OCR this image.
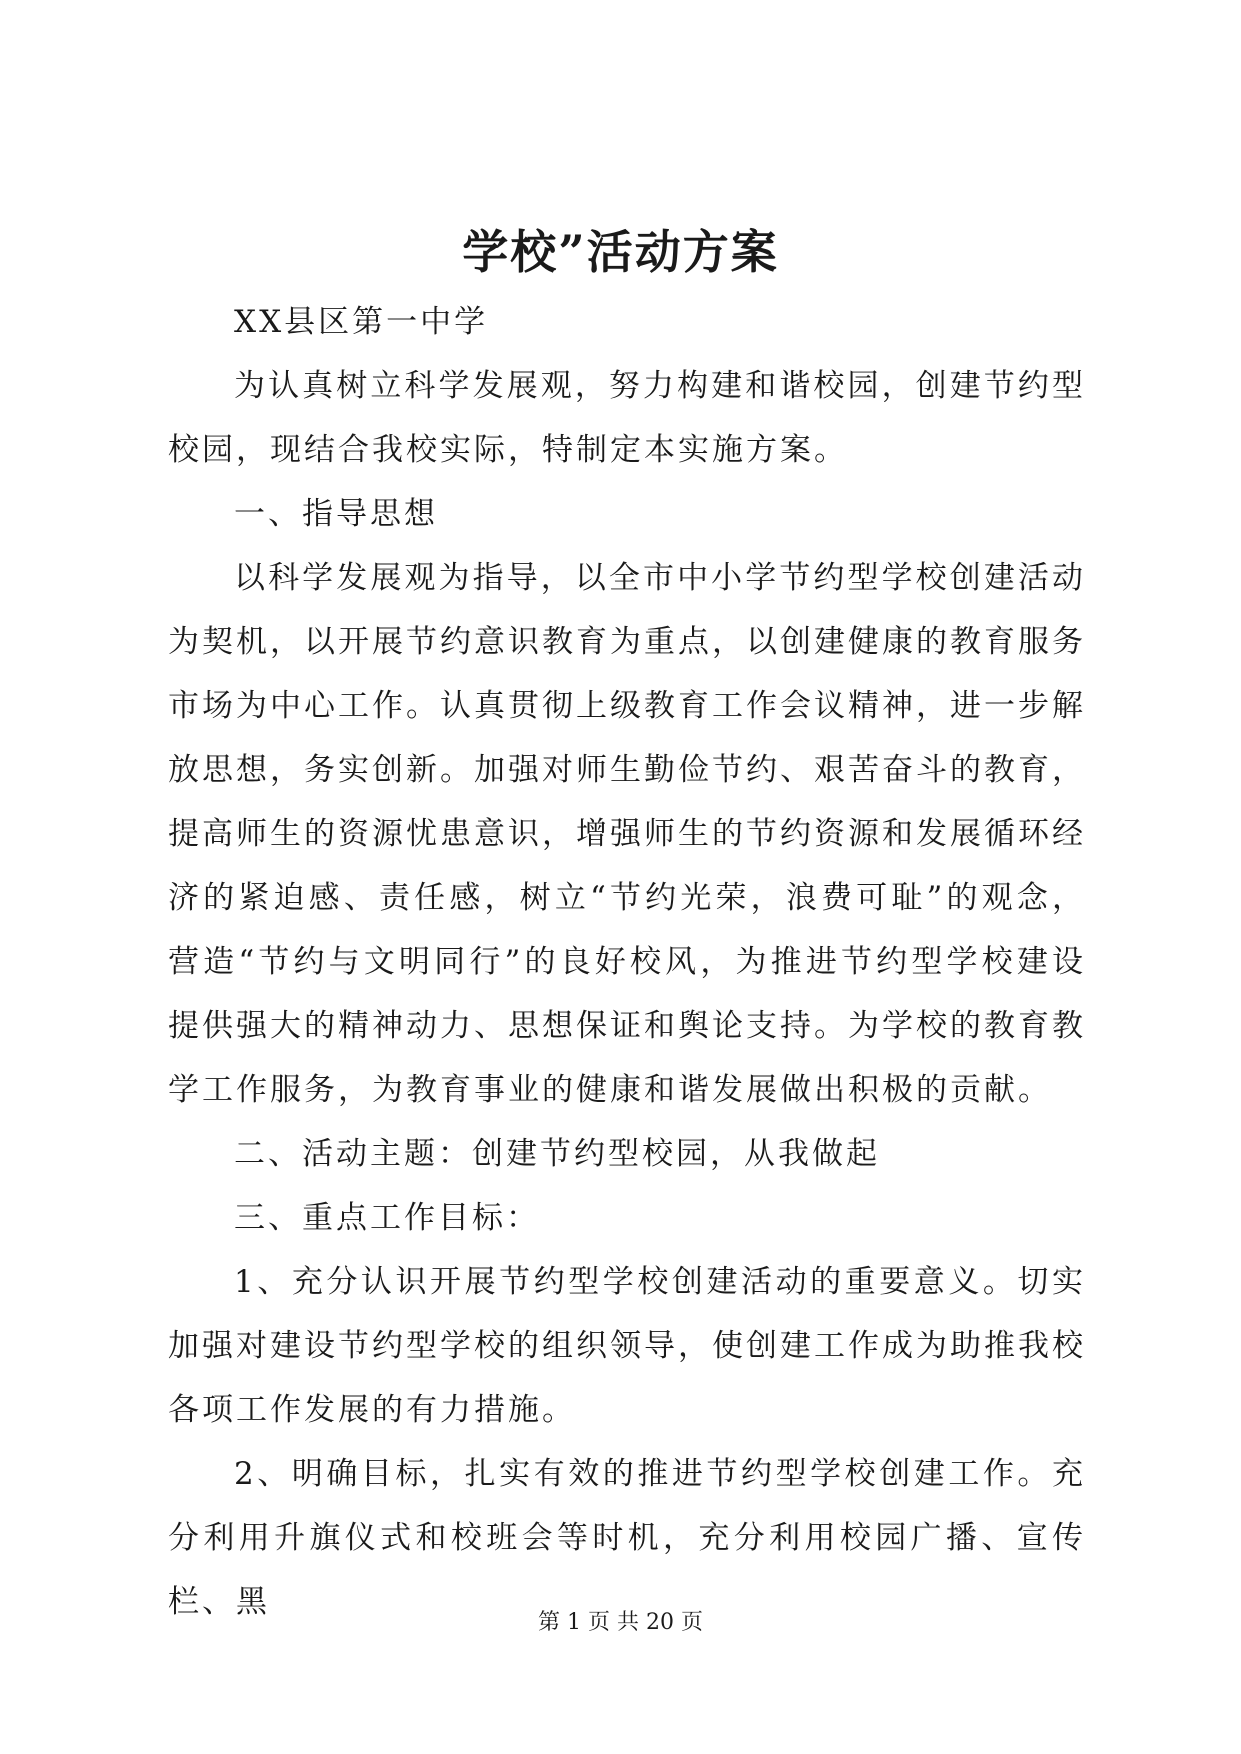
学校”活动方案

XX县区第一中学

为认真树立科学发展观，努力构建和谐校园，创建节约型校园，现结合我校实际，特制定本实施方案。

一、指导思想

以科学发展观为指导，以全市中小学节约型学校创建活动为契机，以开展节约意识教育为重点，以创建健康的教育服务市场为中心工作。认真贯彻上级教育工作会议精神，进一步解放思想，务实创新。加强对师生勤俭节约、艰苦奋斗的教育，提高师生的资源忧患意识，增强师生的节约资源和发展循环经济的紧迫感、责任感，树立“节约光荣，浪费可耻”的观念，营造“节约与文明同行”的良好校风，为推进节约型学校建设提供强大的精神动力、思想保证和舆论支持。为学校的教育教学工作服务，为教育事业的健康和谐发展做出积极的贡献。

二、活动主题：创建节约型校园，从我做起

三、重点工作目标：

1、充分认识开展节约型学校创建活动的重要意义。切实加强对建设节约型学校的组织领导，使创建工作成为助推我校各项工作发展的有力措施。

2、明确目标，扎实有效的推进节约型学校创建工作。充分利用升旗仪式和校班会等时机，充分利用校园广播、宣传栏、黑

第 1 页 共 20 页
